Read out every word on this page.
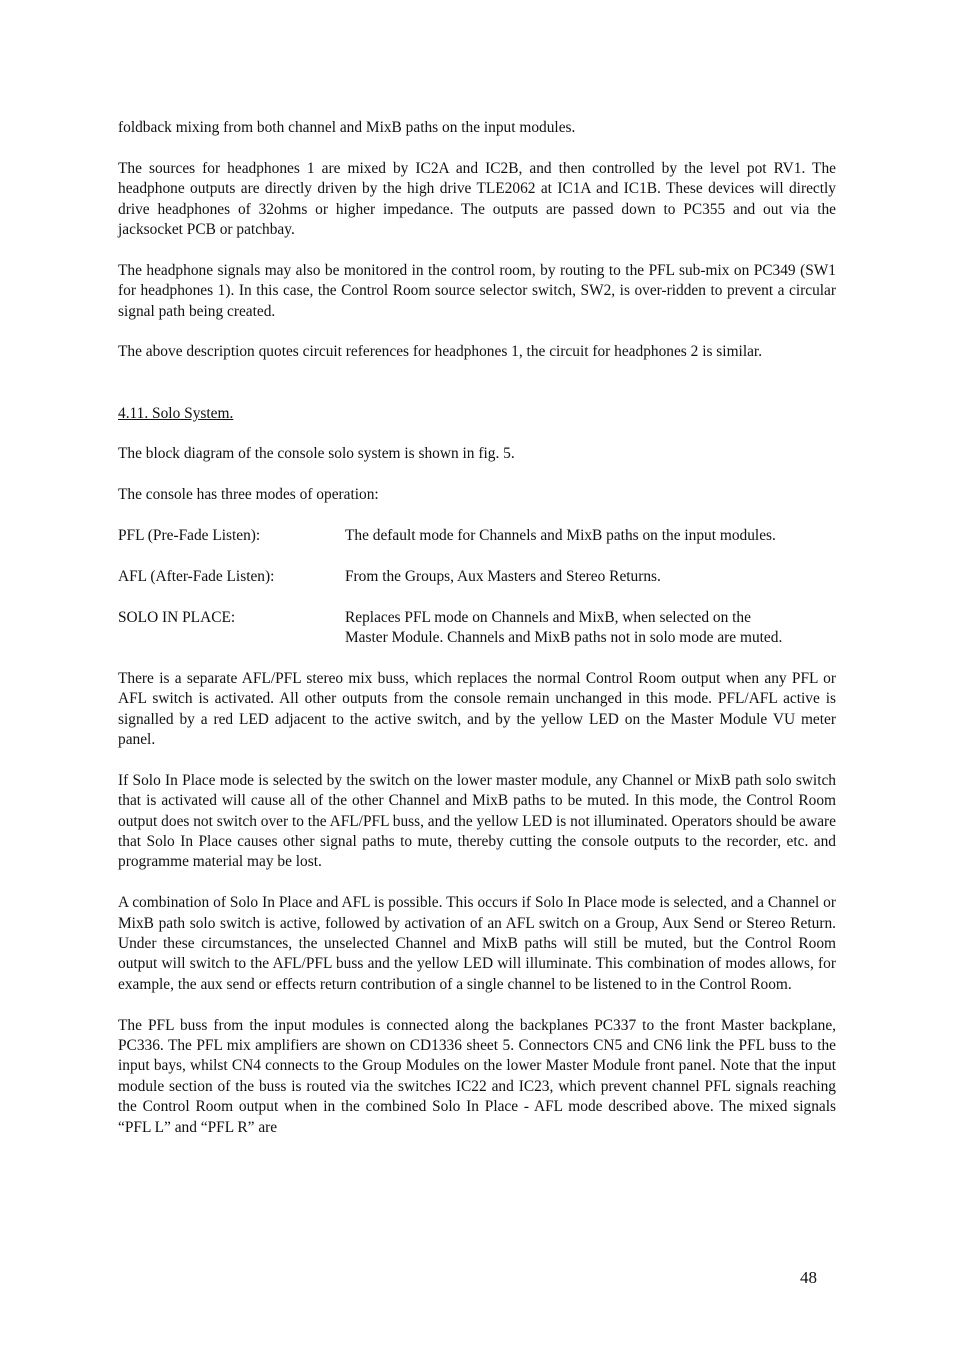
foldback mixing from both channel and MixB paths on the input modules.

The sources for headphones 1 are mixed by IC2A and IC2B, and then controlled by the level pot RV1. The headphone outputs are directly driven by the high drive TLE2062 at IC1A and IC1B. These devices will directly drive headphones of 32ohms or higher impedance. The outputs are passed down to PC355 and out via the jacksocket PCB or patchbay.

The headphone signals may also be monitored in the control room, by routing to the PFL sub-mix on PC349 (SW1 for headphones 1). In this case, the Control Room source selector switch, SW2, is over-ridden to prevent a circular signal path being created.

The above description quotes circuit references for headphones 1, the circuit for headphones 2 is similar.

4.11. Solo System.

The block diagram of the console solo system is shown in fig. 5.

The console has three modes of operation:

PFL (Pre-Fade Listen):	The default mode for Channels and MixB paths on the input modules.
AFL (After-Fade Listen):	From the Groups, Aux Masters and Stereo Returns.
SOLO IN PLACE:	Replaces PFL mode on Channels and MixB, when selected on the Master Module. Channels and MixB paths not in solo mode are muted.

There is a separate AFL/PFL stereo mix buss, which replaces the normal Control Room output when any PFL or AFL switch is activated. All other outputs from the console remain unchanged in this mode. PFL/AFL active is signalled by a red LED adjacent to the active switch, and by the yellow LED on the Master Module VU meter panel.

If Solo In Place mode is selected by the switch on the lower master module, any Channel or MixB path solo switch that is activated will cause all of the other Channel and MixB paths to be muted. In this mode, the Control Room output does not switch over to the AFL/PFL buss, and the yellow LED is not illuminated. Operators should be aware that Solo In Place causes other signal paths to mute, thereby cutting the console outputs to the recorder, etc. and programme material may be lost.

A combination of Solo In Place and AFL is possible. This occurs if Solo In Place mode is selected, and a Channel or MixB path solo switch is active, followed by activation of an AFL switch on a Group, Aux Send or Stereo Return. Under these circumstances, the unselected Channel and MixB paths will still be muted, but the Control Room output will switch to the AFL/PFL buss and the yellow LED will illuminate. This combination of modes allows, for example, the aux send or effects return contribution of a single channel to be listened to in the Control Room.

The PFL buss from the input modules is connected along the backplanes PC337 to the front Master backplane, PC336. The PFL mix amplifiers are shown on CD1336 sheet 5. Connectors CN5 and CN6 link the PFL buss to the input bays, whilst CN4 connects to the Group Modules on the lower Master Module front panel. Note that the input module section of the buss is routed via the switches IC22 and IC23, which prevent channel PFL signals reaching the Control Room output when in the combined Solo In Place - AFL mode described above. The mixed signals “PFL L” and “PFL R” are

48
